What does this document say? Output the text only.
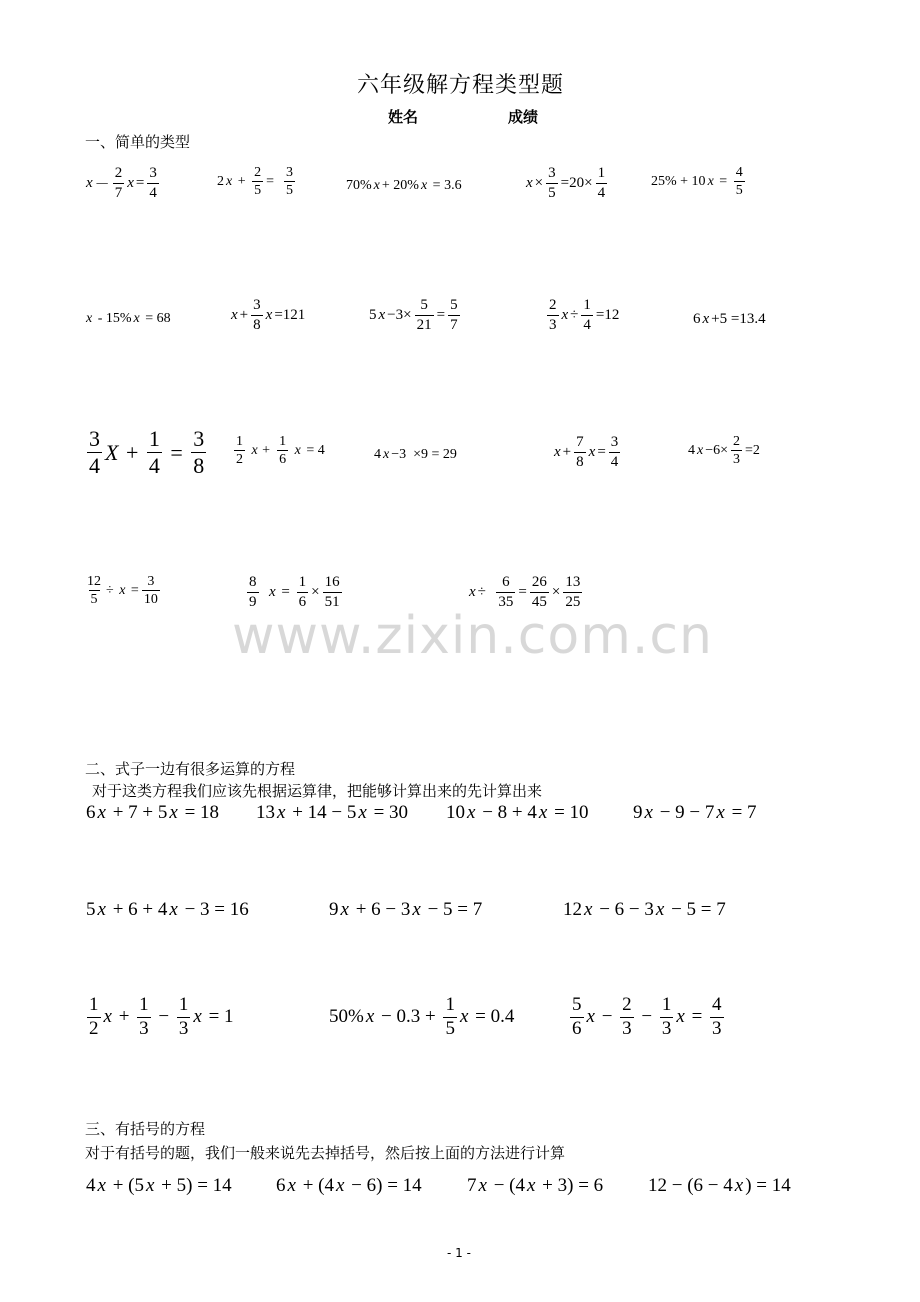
六年级解方程类型题
姓名	成绩
一、简单的类型
$x - \frac{2}{7}$ $x = \frac{3}{4}$	2 $x + \frac{2}{5} = \frac{3}{5}$	70% x + 20% x = 3.6	$x \times \frac{3}{5} =20\times \frac{1}{4}$	25% + 10 $x = \frac{4}{5}$
x - 15% x = 68	$x + \frac{3}{8}$ x =121	5 $x -3\times \frac{5}{21} = \frac{5}{7}$	$\frac{2}{3}$ $x \div \frac{1}{4} =12$	6 x +5 =13.4
$\frac{3}{4}$ $X + \frac{1}{4} = \frac{3}{8} \frac{1}{2}$ $x + \frac{1}{6}$ x = 4	4 x −3  ×9 = 29	$x + \frac{7}{8}$ $x = \frac{3}{4}$	4 $x -6\times \frac{2}{3} =2$
$\frac{12}{5} \div x = \frac{3}{10}$	$\frac{8}{9}$ $x = \frac{1}{6} \times \frac{16}{51}$	$x \div \frac{6}{35} = \frac{26}{45} \times \frac{13}{25}$
www.zixin.com.cn
二、式子一边有很多运算的方程
对于这类方程我们应该先根据运算律，把能够计算出来的先计算出来
6 x + 7 + 5 x = 18 13 x + 14 − 5 x = 30 10 x − 8 + 4 x = 10 9 x − 9 − 7 x = 7
5 x + 6 + 4 x − 3 = 16	9 x + 6 − 3 x − 5 = 7	12 x − 6 − 3 x − 5 = 7
$\frac{1}{2}$ $x + \frac{1}{3} - \frac{1}{3}$ x = 1	50% $x - 0.3 + \frac{1}{5}$ x = 0.4	$\frac{5}{6}$ $x - \frac{2}{3} - \frac{1}{3}$ $x = \frac{4}{3}$
三、有括号的方程
对于有括号的题，我们一般来说先去掉括号，然后按上面的方法进行计算
4 x + (5 x + 5) = 14 6 x + (4 x − 6) = 14 7 x − (4 x + 3) = 6 12 − (6 − 4 x ) = 14
- 1 -
